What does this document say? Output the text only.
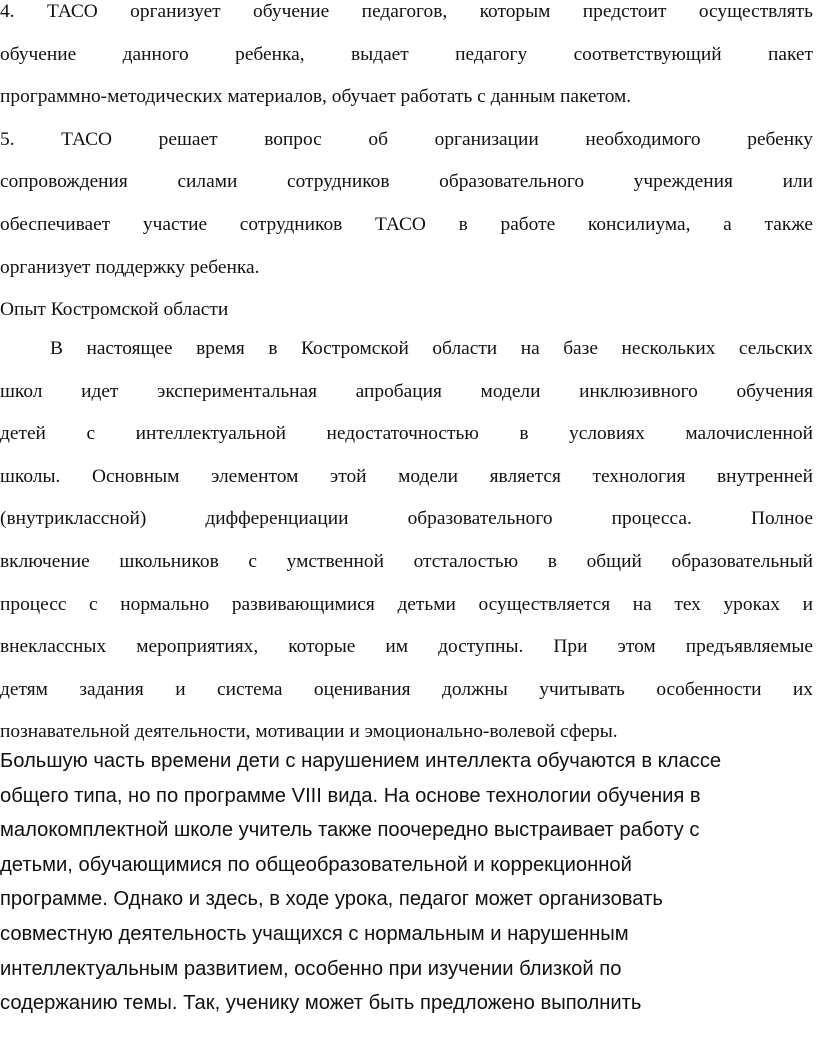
4. ТАСО организует обучение педагогов, которым предстоит осуществлять
обучение данного ребенка, выдает педагогу соответствующий пакет
программно-методических материалов, обучает работать с данным пакетом.
5. ТАСО решает вопрос об организации необходимого ребенку
сопровождения силами сотрудников образовательного учреждения или
обеспечивает участие сотрудников ТАСО в работе консилиума, а также
организует поддержку ребенка.
Опыт Костромской области
В настоящее время в Костромской области на базе нескольких сельских
школ идет экспериментальная апробация модели инклюзивного обучения
детей с интеллектуальной недостаточностью в условиях малочисленной
школы. Основным элементом этой модели является технология внутренней
(внутриклассной) дифференциации образовательного процесса. Полное
включение школьников с умственной отсталостью в общий образовательный
процесс с нормально развивающимися детьми осуществляется на тех уроках и
внеклассных мероприятиях, которые им доступны. При этом предъявляемые
детям задания и система оценивания должны учитывать особенности их
познавательной деятельности, мотивации и эмоционально-волевой сферы.
Большую часть времени дети с нарушением интеллекта обучаются в классе
общего типа, но по программе VIII вида. На основе технологии обучения в
малокомплектной школе учитель также поочередно выстраивает работу с
детьми, обучающимися по общеобразовательной и коррекционной
программе. Однако и здесь, в ходе урока, педагог может организовать
совместную деятельность учащихся с нормальным и нарушенным
интеллектуальным развитием, особенно при изучении близкой по
содержанию темы. Так, ученику может быть предложено выполнить
